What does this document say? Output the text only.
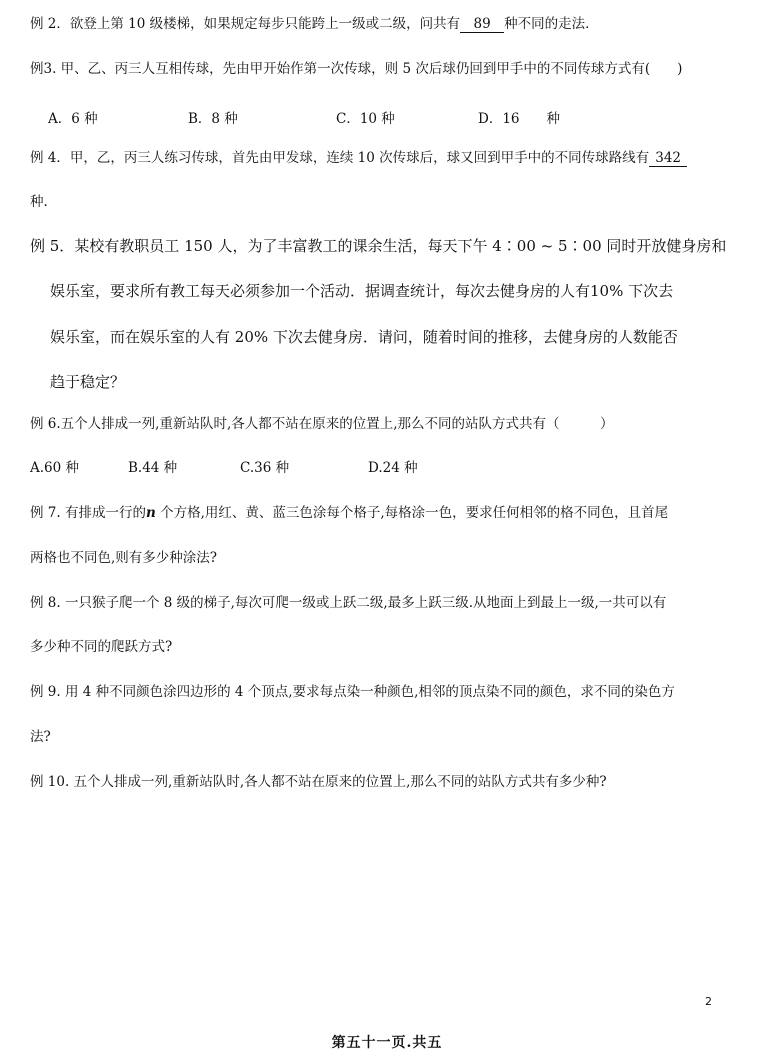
例 2．欲登上第 10 级楼梯，如果规定每步只能跨上一级或二级，问共有 89 种不同的走法．
例3. 甲、乙、丙三人互相传球，先由甲开始作第一次传球，则 5 次后球仍回到甲手中的不同传球方式有(　　)
A．6 种	B．8 种	C．10 种	D．16　　种
例 4．甲，乙，丙三人练习传球，首先由甲发球，连续 10 次传球后，球又回到甲手中的不同传球路线有 342
种.
例 5．某校有教职员工 150 人，为了丰富教工的课余生活，每天下午 4∶00 ~ 5∶00 同时开放健身房和
娱乐室，要求所有教工每天必须参加一个活动．据调查统计，每次去健身房的人有10% 下次去
娱乐室，而在娱乐室的人有 20% 下次去健身房．请问，随着时间的推移，去健身房的人数能否
趋于稳定？
例 6.五个人排成一列,重新站队时,各人都不站在原来的位置上,那么不同的站队方式共有（　　　）
A.60 种	B.44 种	C.36 种	D.24 种
例 7. 有排成一行的n 个方格,用红、黄、蓝三色涂每个格子,每格涂一色，要求任何相邻的格不同色，且首尾
两格也不同色,则有多少种涂法?
例 8. 一只猴子爬一个 8 级的梯子,每次可爬一级或上跃二级,最多上跃三级.从地面上到最上一级,一共可以有
多少种不同的爬跃方式?
例 9. 用 4 种不同颜色涂四边形的 4 个顶点,要求每点染一种颜色,相邻的顶点染不同的颜色，求不同的染色方
法?
例 10. 五个人排成一列,重新站队时,各人都不站在原来的位置上,那么不同的站队方式共有多少种?
2
第五十一页.共五
